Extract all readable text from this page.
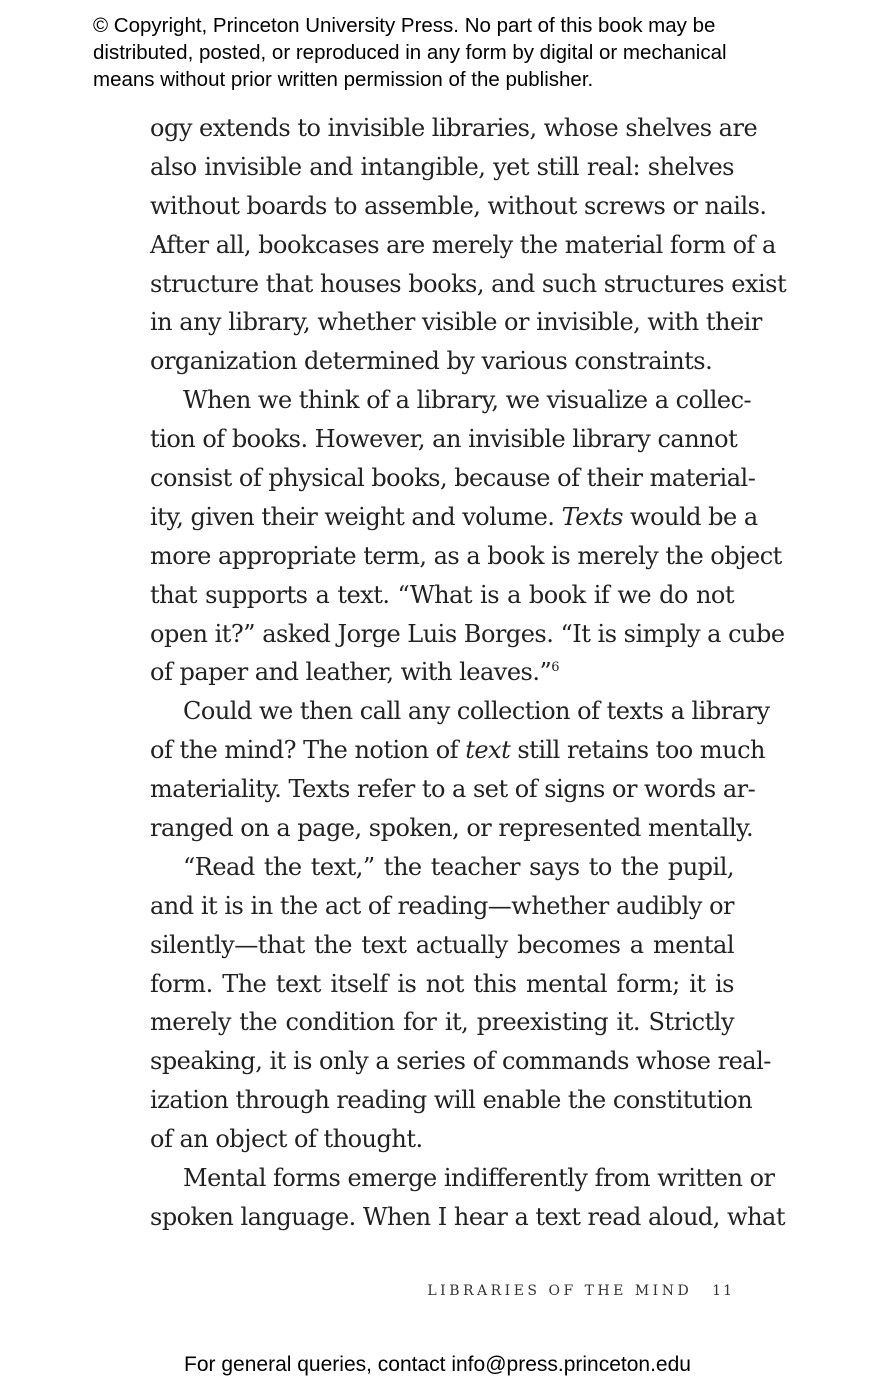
© Copyright, Princeton University Press. No part of this book may be
distributed, posted, or reproduced in any form by digital or mechanical
means without prior written permission of the publisher.
ogy extends to invisible libraries, whose shelves are
also invisible and intangible, yet still real: shelves
without boards to assemble, without screws or nails.
After all, bookcases are merely the material form of a
structure that houses books, and such structures exist
in any library, whether visible or invisible, with their
organization determined by various constraints.
When we think of a library, we visualize a collec-
tion of books. However, an invisible library cannot
consist of physical books, because of their material-
ity, given their weight and volume. Texts would be a
more appropriate term, as a book is merely the object
that supports a text. “What is a book if we do not
open it?” asked Jorge Luis Borges. “It is simply a cube
of paper and leather, with leaves.”$^6$
Could we then call any collection of texts a library
of the mind? The notion of text still retains too much
materiality. Texts refer to a set of signs or words ar-
ranged on a page, spoken, or represented mentally.
“Read the text,” the teacher says to the pupil,
and it is in the act of reading—whether audibly or
silently—that the text actually becomes a mental
form. The text itself is not this mental form; it is
merely the condition for it, preexisting it. Strictly
speaking, it is only a series of commands whose real-
ization through reading will enable the constitution
of an object of thought.
Mental forms emerge indifferently from written or
spoken language. When I hear a text read aloud, what
LIBRARIES OF THE MIND 11
For general queries, contact info@press.princeton.edu
